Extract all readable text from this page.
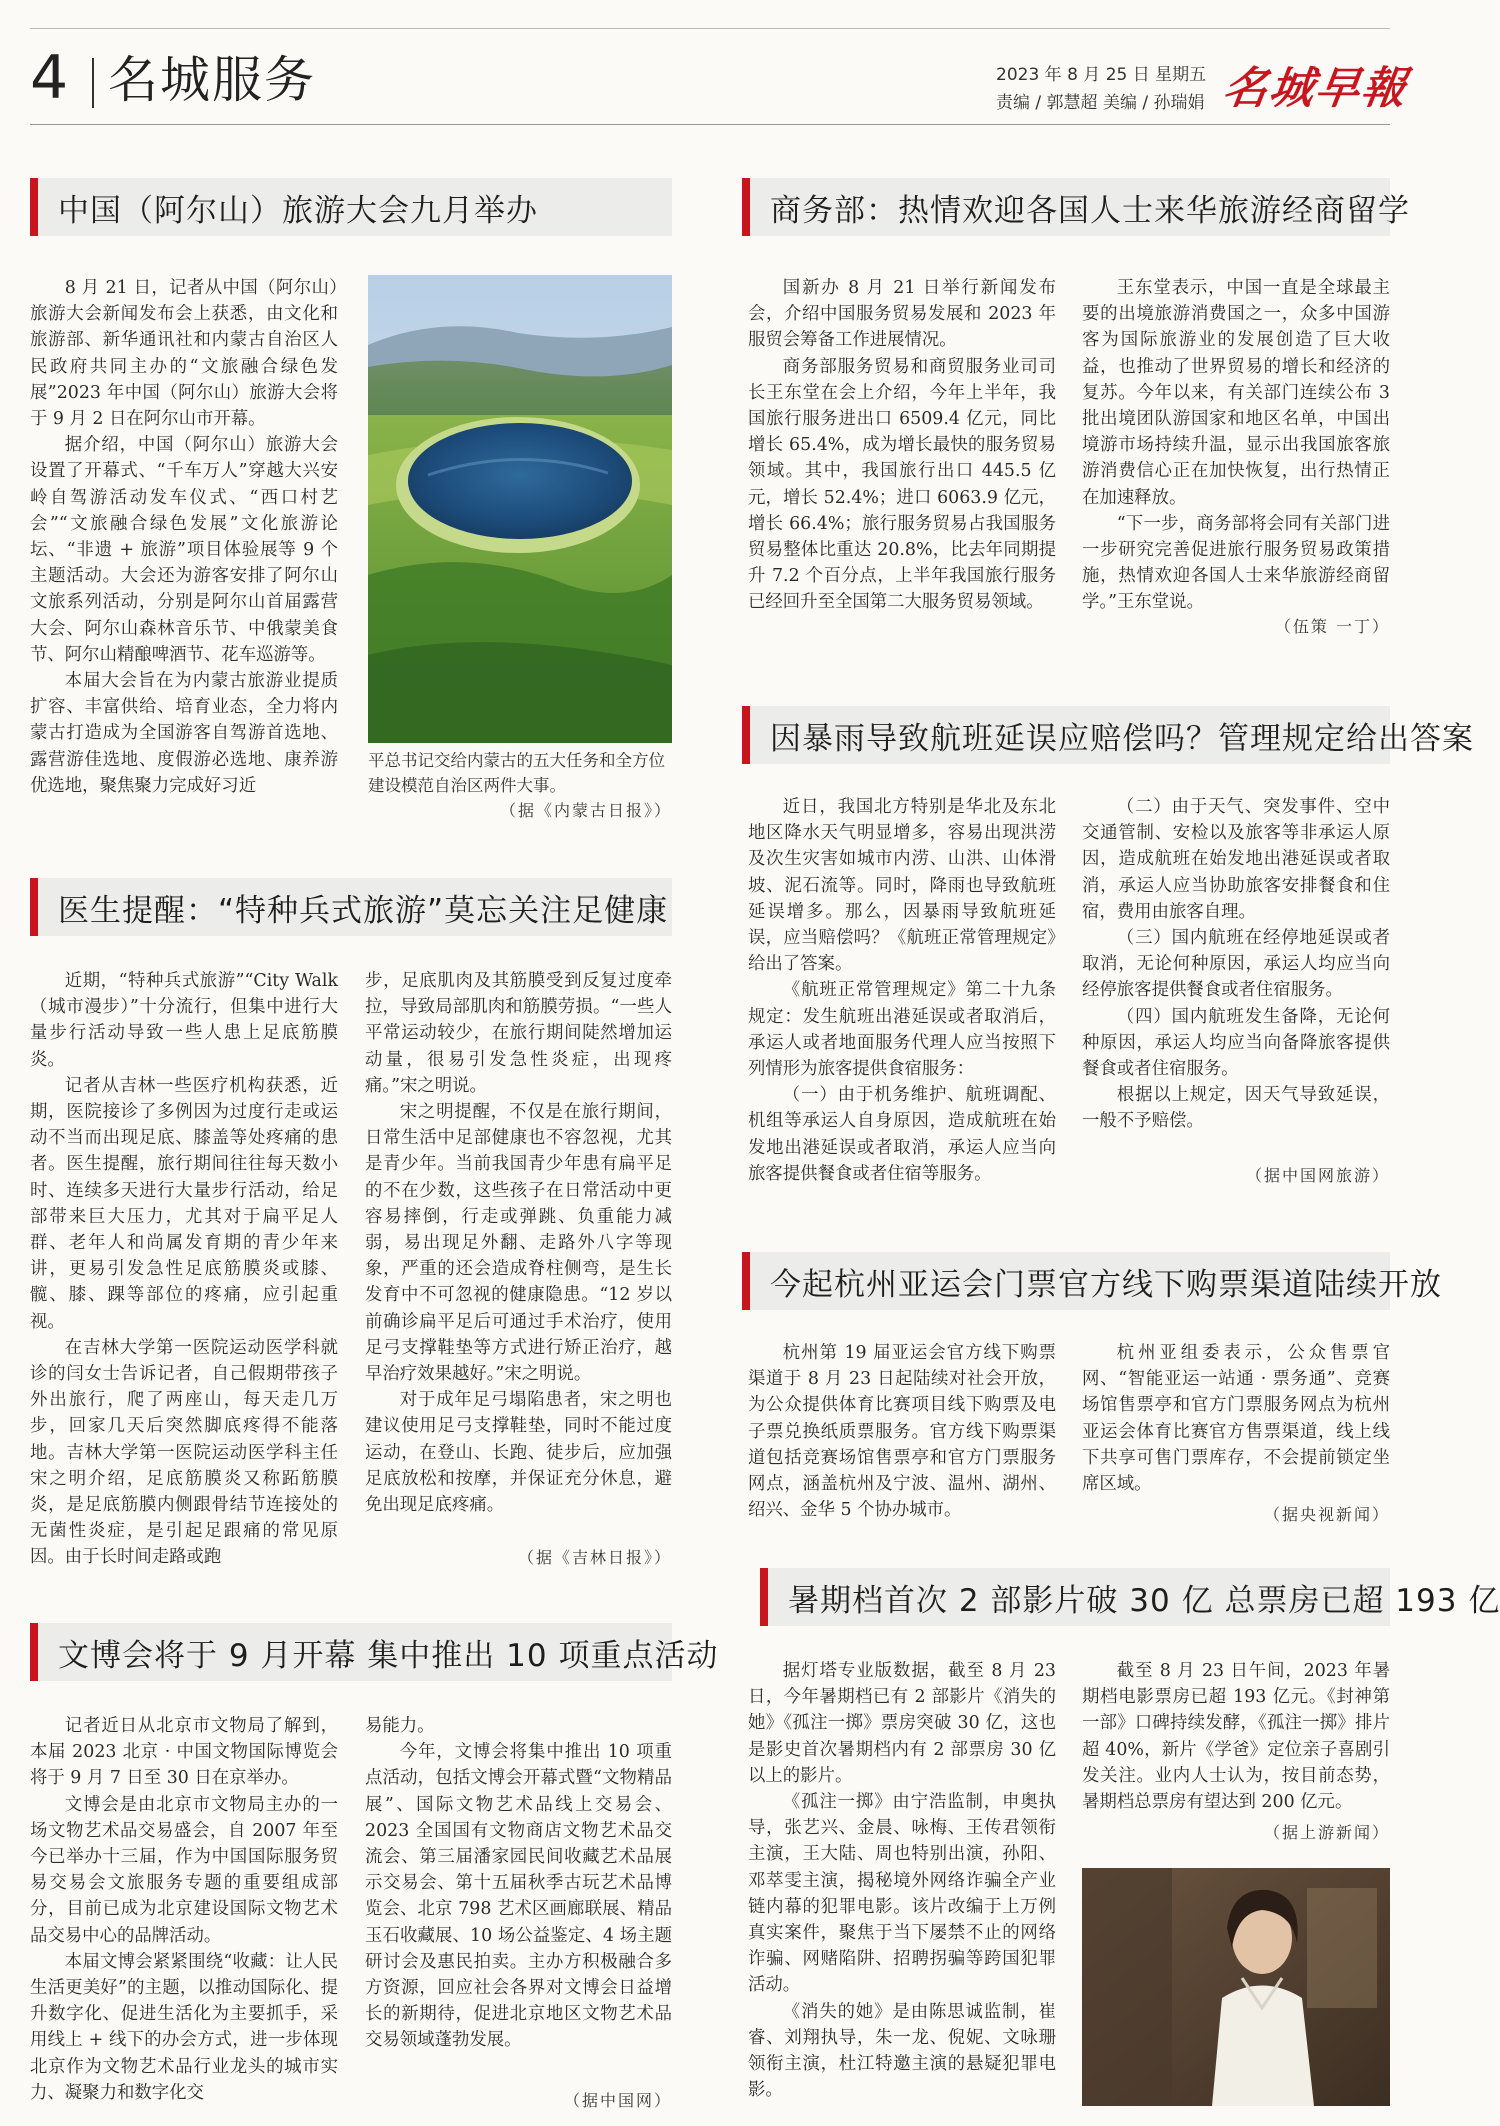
4 名城服务	2023 年 8 月 25 日 星期五
责编 / 郭慧超 美编 / 孙瑞娟 名城早報
中国（阿尔山）旅游大会九月举办

8 月 21 日，记者从中国（阿尔山）旅游大会新闻发布会上获悉，由文化和旅游部、新华通讯社和内蒙古自治区人民政府共同主办的“文旅融合绿色发展”2023 年中国（阿尔山）旅游大会将于 9 月 2 日在阿尔山市开幕。

据介绍，中国（阿尔山）旅游大会设置了开幕式、“千车万人”穿越大兴安岭自驾游活动发车仪式、“西口村艺会”“文旅融合绿色发展”文化旅游论坛、“非遗 + 旅游”项目体验展等 9 个主题活动。大会还为游客安排了阿尔山文旅系列活动，分别是阿尔山首届露营大会、阿尔山森林音乐节、中俄蒙美食节、阿尔山精酿啤酒节、花车巡游等。

本届大会旨在为内蒙古旅游业提质扩容、丰富供给、培育业态，全力将内蒙古打造成为全国游客自驾游首选地、露营游佳选地、度假游必选地、康养游优选地，聚焦聚力完成好习近

平总书记交给内蒙古的五大任务和全方位建设模范自治区两件大事。
（据《内蒙古日报》）
医生提醒：“特种兵式旅游”莫忘关注足健康

近期，“特种兵式旅游”“City Walk（城市漫步）”十分流行，但集中进行大量步行活动导致一些人患上足底筋膜炎。

记者从吉林一些医疗机构获悉，近期，医院接诊了多例因为过度行走或运动不当而出现足底、膝盖等处疼痛的患者。医生提醒，旅行期间往往每天数小时、连续多天进行大量步行活动，给足部带来巨大压力，尤其对于扁平足人群、老年人和尚属发育期的青少年来讲，更易引发急性足底筋膜炎或膝、髋、膝、踝等部位的疼痛，应引起重视。

在吉林大学第一医院运动医学科就诊的闫女士告诉记者，自己假期带孩子外出旅行，爬了两座山，每天走几万步，回家几天后突然脚底疼得不能落地。吉林大学第一医院运动医学科主任宋之明介绍，足底筋膜炎又称跖筋膜炎，是足底筋膜内侧跟骨结节连接处的无菌性炎症，是引起足跟痛的常见原因。由于长时间走路或跑

步，足底肌肉及其筋膜受到反复过度牵拉，导致局部肌肉和筋膜劳损。“一些人平常运动较少，在旅行期间陡然增加运动量，很易引发急性炎症，出现疼痛。”宋之明说。

宋之明提醒，不仅是在旅行期间，日常生活中足部健康也不容忽视，尤其是青少年。当前我国青少年患有扁平足的不在少数，这些孩子在日常活动中更容易摔倒，行走或弹跳、负重能力减弱，易出现足外翻、走路外八字等现象，严重的还会造成脊柱侧弯，是生长发育中不可忽视的健康隐患。“12 岁以前确诊扁平足后可通过手术治疗，使用足弓支撑鞋垫等方式进行矫正治疗，越早治疗效果越好。”宋之明说。

对于成年足弓塌陷患者，宋之明也建议使用足弓支撑鞋垫，同时不能过度运动，在登山、长跑、徒步后，应加强足底放松和按摩，并保证充分休息，避免出现足底疼痛。

（据《吉林日报》）
文博会将于 9 月开幕 集中推出 10 项重点活动

记者近日从北京市文物局了解到，本届 2023 北京 · 中国文物国际博览会将于 9 月 7 日至 30 日在京举办。

文博会是由北京市文物局主办的一场文物艺术品交易盛会，自 2007 年至今已举办十三届，作为中国国际服务贸易交易会文旅服务专题的重要组成部分，目前已成为北京建设国际文物艺术品交易中心的品牌活动。

本届文博会紧紧围绕“收藏：让人民生活更美好”的主题，以推动国际化、提升数字化、促进生活化为主要抓手，采用线上 + 线下的办会方式，进一步体现北京作为文物艺术品行业龙头的城市实力、凝聚力和数字化交

易能力。

今年，文博会将集中推出 10 项重点活动，包括文博会开幕式暨“文物精品展”、国际文物艺术品线上交易会、2023 全国国有文物商店文物艺术品交流会、第三届潘家园民间收藏艺术品展示交易会、第十五届秋季古玩艺术品博览会、北京 798 艺术区画廊联展、精品玉石收藏展、10 场公益鉴定、4 场主题研讨会及惠民拍卖。主办方积极融合多方资源，回应社会各界对文博会日益增长的新期待，促进北京地区文物艺术品交易领域蓬勃发展。

（据中国网）
商务部：热情欢迎各国人士来华旅游经商留学

国新办 8 月 21 日举行新闻发布会，介绍中国服务贸易发展和 2023 年服贸会筹备工作进展情况。

商务部服务贸易和商贸服务业司司长王东堂在会上介绍，今年上半年，我国旅行服务进出口 6509.4 亿元，同比增长 65.4%，成为增长最快的服务贸易领域。其中，我国旅行出口 445.5 亿元，增长 52.4%；进口 6063.9 亿元，增长 66.4%；旅行服务贸易占我国服务贸易整体比重达 20.8%，比去年同期提升 7.2 个百分点，上半年我国旅行服务已经回升至全国第二大服务贸易领域。

王东堂表示，中国一直是全球最主要的出境旅游消费国之一，众多中国游客为国际旅游业的发展创造了巨大收益，也推动了世界贸易的增长和经济的复苏。今年以来，有关部门连续公布 3 批出境团队游国家和地区名单，中国出境游市场持续升温，显示出我国旅客旅游消费信心正在加快恢复，出行热情正在加速释放。

“下一步，商务部将会同有关部门进一步研究完善促进旅行服务贸易政策措施，热情欢迎各国人士来华旅游经商留学。”王东堂说。

（伍策 一丁）
因暴雨导致航班延误应赔偿吗？管理规定给出答案

近日，我国北方特别是华北及东北地区降水天气明显增多，容易出现洪涝及次生灾害如城市内涝、山洪、山体滑坡、泥石流等。同时，降雨也导致航班延误增多。那么，因暴雨导致航班延误，应当赔偿吗？《航班正常管理规定》给出了答案。

《航班正常管理规定》第二十九条规定：发生航班出港延误或者取消后，承运人或者地面服务代理人应当按照下列情形为旅客提供食宿服务：

（一）由于机务维护、航班调配、机组等承运人自身原因，造成航班在始发地出港延误或者取消，承运人应当向旅客提供餐食或者住宿等服务。

（二）由于天气、突发事件、空中交通管制、安检以及旅客等非承运人原因，造成航班在始发地出港延误或者取消，承运人应当协助旅客安排餐食和住宿，费用由旅客自理。

（三）国内航班在经停地延误或者取消，无论何种原因，承运人均应当向经停旅客提供餐食或者住宿服务。

（四）国内航班发生备降，无论何种原因，承运人均应当向备降旅客提供餐食或者住宿服务。

根据以上规定，因天气导致延误，一般不予赔偿。

（据中国网旅游）
今起杭州亚运会门票官方线下购票渠道陆续开放

杭州第 19 届亚运会官方线下购票渠道于 8 月 23 日起陆续对社会开放，为公众提供体育比赛项目线下购票及电子票兑换纸质票服务。官方线下购票渠道包括竞赛场馆售票亭和官方门票服务网点，涵盖杭州及宁波、温州、湖州、绍兴、金华 5 个协办城市。

杭州亚组委表示，公众售票官网、“智能亚运一站通 · 票务通”、竞赛场馆售票亭和官方门票服务网点为杭州亚运会体育比赛官方售票渠道，线上线下共享可售门票库存，不会提前锁定坐席区域。

（据央视新闻）
暑期档首次 2 部影片破 30 亿 总票房已超 193 亿

据灯塔专业版数据，截至 8 月 23 日，今年暑期档已有 2 部影片《消失的她》《孤注一掷》票房突破 30 亿，这也是影史首次暑期档内有 2 部票房 30 亿以上的影片。

《孤注一掷》由宁浩监制，申奥执导，张艺兴、金晨、咏梅、王传君领衔主演，王大陆、周也特别出演，孙阳、邓萃雯主演，揭秘境外网络诈骗全产业链内幕的犯罪电影。该片改编于上万例真实案件，聚焦于当下屡禁不止的网络诈骗、网赌陷阱、招聘拐骗等跨国犯罪活动。

《消失的她》是由陈思诚监制，崔睿、刘翔执导，朱一龙、倪妮、文咏珊领衔主演，杜江特邀主演的悬疑犯罪电影。

截至 8 月 23 日午间，2023 年暑期档电影票房已超 193 亿元。《封神第一部》口碑持续发酵，《孤注一掷》排片超 40%，新片《学爸》定位亲子喜剧引发关注。业内人士认为，按目前态势，暑期档总票房有望达到 200 亿元。

（据上游新闻）
